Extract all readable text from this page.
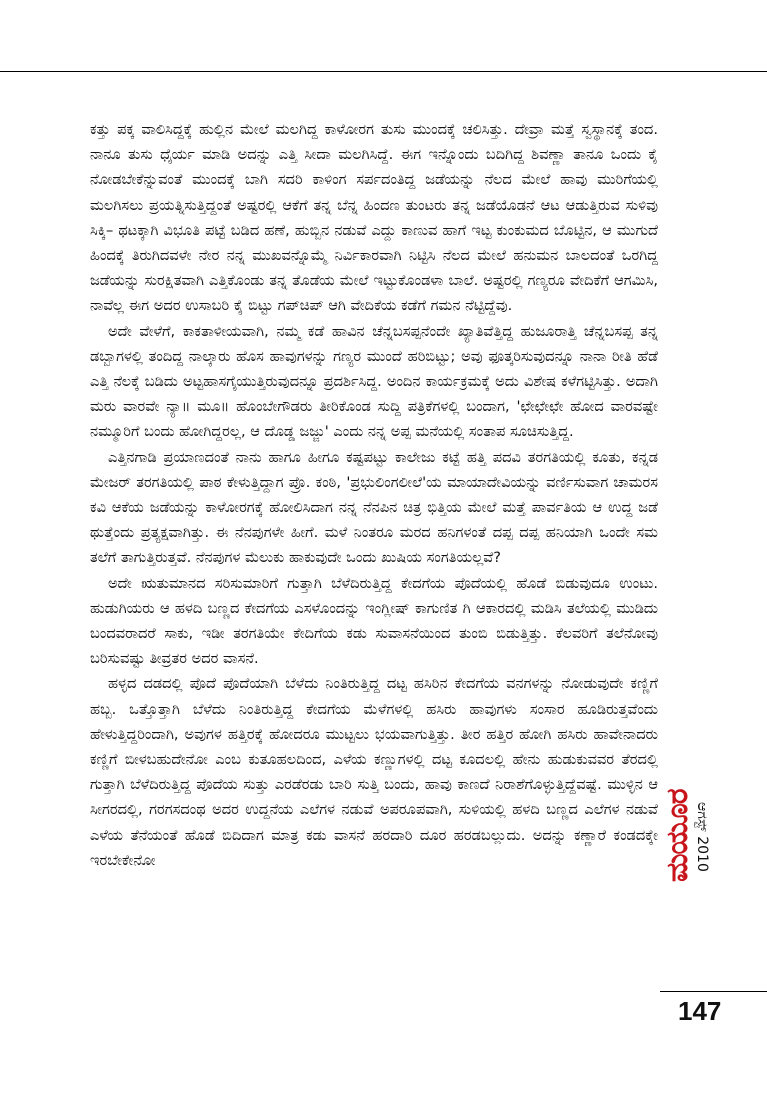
ಕತ್ತು ಪಕ್ಕ ವಾಲಿಸಿದ್ದಕ್ಕೆ ಹುಲ್ಲಿನ ಮೇಲೆ ಮಲಗಿದ್ದ ಕಾಳೋರಗ ತುಸು ಮುಂದಕ್ಕೆ ಚಲಿಸಿತ್ತು. ದೇವ್ರಾ ಮತ್ತೆ ಸ್ವಸ್ಥಾನಕ್ಕೆ ತಂದ. ನಾನೂ ತುಸು ಧೈರ್ಯ ಮಾಡಿ ಅದನ್ನು ಎತ್ತಿ ಸೀದಾ ಮಲಗಿಸಿದ್ದೆ. ಈಗ ಇನ್ನೊಂದು ಬದಿಗಿದ್ದ ಶಿವಣ್ಣಾ ತಾನೂ ಒಂದು ಕೈ ನೋಡಬೇಕೆನ್ನುವಂತೆ ಮುಂದಕ್ಕೆ ಬಾಗಿ ಸದರಿ ಕಾಳಿಂಗ ಸರ್ಪದಂತಿದ್ದ ಜಡೆಯನ್ನು ನೆಲದ ಮೇಲೆ ಹಾವು ಮುರಿಗೆಯಲ್ಲಿ ಮಲಗಿಸಲು ಪ್ರಯತ್ನಿಸುತ್ತಿದ್ದಂತೆ ಅಷ್ಟರಲ್ಲಿ ಆಕೆಗೆ ತನ್ನ ಬೆನ್ನ ಹಿಂದಣ ತುಂಟರು ತನ್ನ ಜಡೆಯೊಡನೆ ಆಟ ಆಡುತ್ತಿರುವ ಸುಳಿವು ಸಿಕ್ಕಿ– ಥಟಕ್ಕಾಗಿ ವಿಭೂತಿ ಪಟ್ಟೆ ಬಡಿದ ಹಣೆ, ಹುಬ್ಬಿನ ನಡುವೆ ಎದ್ದು ಕಾಣುವ ಹಾಗೆ ಇಟ್ಟ ಕುಂಕುಮದ ಬೊಟ್ಟಿನ, ಆ ಮುಗುದೆ ಹಿಂದಕ್ಕೆ ತಿರುಗಿದವಳೇ ನೇರ ನನ್ನ ಮುಖವನ್ನೊಮ್ಮೆ ನಿರ್ವಿಕಾರವಾಗಿ ನಿಟ್ಟಿಸಿ ನೆಲದ ಮೇಲೆ ಹನುಮನ ಬಾಲದಂತೆ ಒರಗಿದ್ದ ಜಡೆಯನ್ನು ಸುರಕ್ಷಿತವಾಗಿ ಎತ್ತಿಕೊಂಡು ತನ್ನ ತೊಡೆಯ ಮೇಲೆ ಇಟ್ಟುಕೊಂಡಳಾ ಬಾಲೆ. ಅಷ್ಟರಲ್ಲಿ ಗಣ್ಯರೂ ವೇದಿಕೆಗೆ ಆಗಮಿಸಿ, ನಾವೆಲ್ಲ ಈಗ ಅದರ ಉಸಾಬರಿ ಕೈ ಬಿಟ್ಟು ಗಪ್‌ಚಿಪ್ ಆಗಿ ವೇದಿಕೆಯ ಕಡೆಗೆ ಗಮನ ನೆಟ್ಟಿದ್ದೆವು.

ಅದೇ ವೇಳೆಗೆ, ಕಾಕತಾಳೀಯವಾಗಿ, ನಮ್ಮ ಕಡೆ ಹಾವಿನ ಚೆನ್ನಬಸಪ್ಪನೆಂದೇ ಖ್ಯಾತಿವೆತ್ತಿದ್ದ ಹುಜೂರಾತ್ತಿ ಚೆನ್ನಬಸಪ್ಪ ತನ್ನ ಡಬ್ಬಾಗಳಲ್ಲಿ ತಂದಿದ್ದ ನಾಲ್ಕಾರು ಹೊಸ ಹಾವುಗಳನ್ನು ಗಣ್ಯರ ಮುಂದೆ ಹರಿಬಿಟ್ಟು; ಅವು ಫೂತ್ಕರಿಸುವುದನ್ನೂ ನಾನಾ ರೀತಿ ಹೆಡೆ ಎತ್ತಿ ನೆಲಕ್ಕೆ ಬಡಿದು ಅಟ್ಟಹಾಸಗೈಯುತ್ತಿರುವುದನ್ನೂ ಪ್ರದರ್ಶಿಸಿದ್ದ. ಅಂದಿನ ಕಾರ್ಯಕ್ರಮಕ್ಕೆ ಅದು ವಿಶೇಷ ಕಳೆಗಟ್ಟಿಸಿತ್ತು. ಅದಾಗಿ ಮರು ವಾರವೇ ನ್ಯಾ॥ ಮೂ॥ ಹೊಂಬೇಗೌಡರು ತೀರಿಕೊಂಡ ಸುದ್ದಿ ಪತ್ರಿಕೆಗಳಲ್ಲಿ ಬಂದಾಗ, 'ಛೇಛೇಛೇ ಹೋದ ವಾರವಷ್ಟೇ ನಮ್ಮೂರಿಗೆ ಬಂದು ಹೋಗಿದ್ದರಲ್ಲ, ಆ ದೊಡ್ಡ ಜಜ್ಜು' ಎಂದು ನನ್ನ ಅಪ್ಪ ಮನೆಯಲ್ಲಿ ಸಂತಾಪ ಸೂಚಿಸುತ್ತಿದ್ದ.

ಎತ್ತಿನಗಾಡಿ ಪ್ರಯಾಣದಂತೆ ನಾನು ಹಾಗೂ ಹೀಗೂ ಕಷ್ಟಪಟ್ಟು ಕಾಲೇಜು ಕಟ್ಟೆ ಹತ್ತಿ ಪದವಿ ತರಗತಿಯಲ್ಲಿ ಕೂತು, ಕನ್ನಡ ಮೇಜರ್ ತರಗತಿಯಲ್ಲಿ ಪಾಠ ಕೇಳುತ್ತಿದ್ದಾಗ ಪ್ರೊ. ಕಂಠಿ, 'ಪ್ರಭುಲಿಂಗಲೀಲೆ'ಯ ಮಾಯಾದೇವಿಯನ್ನು ವರ್ಣಿಸುವಾಗ ಚಾಮರಸ ಕವಿ ಆಕೆಯ ಜಡೆಯನ್ನು ಕಾಳೋರಗಕ್ಕೆ ಹೋಲಿಸಿದಾಗ ನನ್ನ ನೆನಪಿನ ಚಿತ್ರ ಭಿತ್ತಿಯ ಮೇಲೆ ಮತ್ತೆ ಪಾರ್ವತಿಯ ಆ ಉದ್ದ ಜಡೆ ಥುತ್ತೆಂದು ಪ್ರತ್ಯಕ್ಷವಾಗಿತ್ತು. ಈ ನೆನಪುಗಳೇ ಹೀಗೆ. ಮಳೆ ನಿಂತರೂ ಮರದ ಹನಿಗಳಂತೆ ದಪ್ಪ ದಪ್ಪ ಹನಿಯಾಗಿ ಒಂದೇ ಸಮ ತಲೆಗೆ ತಾಗುತ್ತಿರುತ್ತವೆ. ನೆನಪುಗಳ ಮೆಲುಕು ಹಾಕುವುದೇ ಒಂದು ಖುಷಿಯ ಸಂಗತಿಯಲ್ಲವೆ?

ಅದೇ ಋತುಮಾನದ ಸರಿಸುಮಾರಿಗೆ ಗುತ್ತಾಗಿ ಬೆಳೆದಿರುತ್ತಿದ್ದ ಕೇದಗೆಯ ಪೊದೆಯಲ್ಲಿ ಹೊಡೆ ಬಿಡುವುದೂ ಉಂಟು. ಹುಡುಗಿಯರು ಆ ಹಳದಿ ಬಣ್ಣದ ಕೇದಗೆಯ ಎಸಳೊಂದನ್ನು ಇಂಗ್ಲೀಷ್ ಕಾಗುಣಿತ ಗಿ ಆಕಾರದಲ್ಲಿ ಮಡಿಸಿ ತಲೆಯಲ್ಲಿ ಮುಡಿದು ಬಂದವರಾದರೆ ಸಾಕು, ಇಡೀ ತರಗತಿಯೇ ಕೇದಿಗೆಯ ಕಡು ಸುವಾಸನೆಯಿಂದ ತುಂಬಿ ಬಿಡುತ್ತಿತ್ತು. ಕೆಲವರಿಗೆ ತಲೆನೋವು ಬರಿಸುವಷ್ಟು ತೀವ್ರತರ ಅದರ ವಾಸನೆ.

ಹಳ್ಳದ ದಡದಲ್ಲಿ ಪೊದೆ ಪೊದೆಯಾಗಿ ಬೆಳೆದು ನಿಂತಿರುತ್ತಿದ್ದ ದಟ್ಟ ಹಸಿರಿನ ಕೇದಗೆಯ ವನಗಳನ್ನು ನೋಡುವುದೇ ಕಣ್ಣಿಗೆ ಹಬ್ಬ. ಒತ್ತೊತ್ತಾಗಿ ಬೆಳೆದು ನಿಂತಿರುತ್ತಿದ್ದ ಕೇದಗೆಯ ಮೆಳೆಗಳಲ್ಲಿ ಹಸಿರು ಹಾವುಗಳು ಸಂಸಾರ ಹೂಡಿರುತ್ತವೆಂದು ಹೇಳುತ್ತಿದ್ದರಿಂದಾಗಿ, ಅವುಗಳ ಹತ್ತಿರಕ್ಕೆ ಹೋದರೂ ಮುಟ್ಟಲು ಭಯವಾಗುತ್ತಿತ್ತು. ತೀರ ಹತ್ತಿರ ಹೋಗಿ ಹಸಿರು ಹಾವೇನಾದರು ಕಣ್ಣಿಗೆ ಬೀಳಬಹುದೇನೋ ಎಂಬ ಕುತೂಹಲದಿಂದ, ಎಳೆಯ ಕಣ್ಣುಗಳಲ್ಲಿ ದಟ್ಟ ಕೂದಲಲ್ಲಿ ಹೇನು ಹುಡುಕುವವರ ತೆರದಲ್ಲಿ ಗುತ್ತಾಗಿ ಬೆಳೆದಿರುತ್ತಿದ್ದ ಪೊದೆಯ ಸುತ್ತು ಎರಡೆರಡು ಬಾರಿ ಸುತ್ತಿ ಬಂದು, ಹಾವು ಕಾಣದೆ ನಿರಾಶೆಗೊಳ್ಳುತ್ತಿದ್ದೆವಷ್ಟೆ. ಮುಳ್ಳಿನ ಆ ಸೀಗರದಲ್ಲಿ, ಗರಗಸದಂಥ ಅದರ ಉದ್ದನೆಯ ಎಲೆಗಳ ನಡುವೆ ಅಪರೂಪವಾಗಿ, ಸುಳಿಯಲ್ಲಿ ಹಳದಿ ಬಣ್ಣದ ಎಲೆಗಳ ನಡುವೆ ಎಳೆಯ ತೆನೆಯಂತೆ ಹೊಡೆ ಬಿದಿದಾಗ ಮಾತ್ರ ಕಡು ವಾಸನೆ ಹರದಾರಿ ದೂರ ಹರಡಬಲ್ಲುದು. ಅದನ್ನು ಕಣ್ಣಾರೆ ಕಂಡದಕ್ಕೇ ಇರಬೇಕೇನೋ	ಮಯೂರ ಆಗಸ್ಟ್ 2010
147
